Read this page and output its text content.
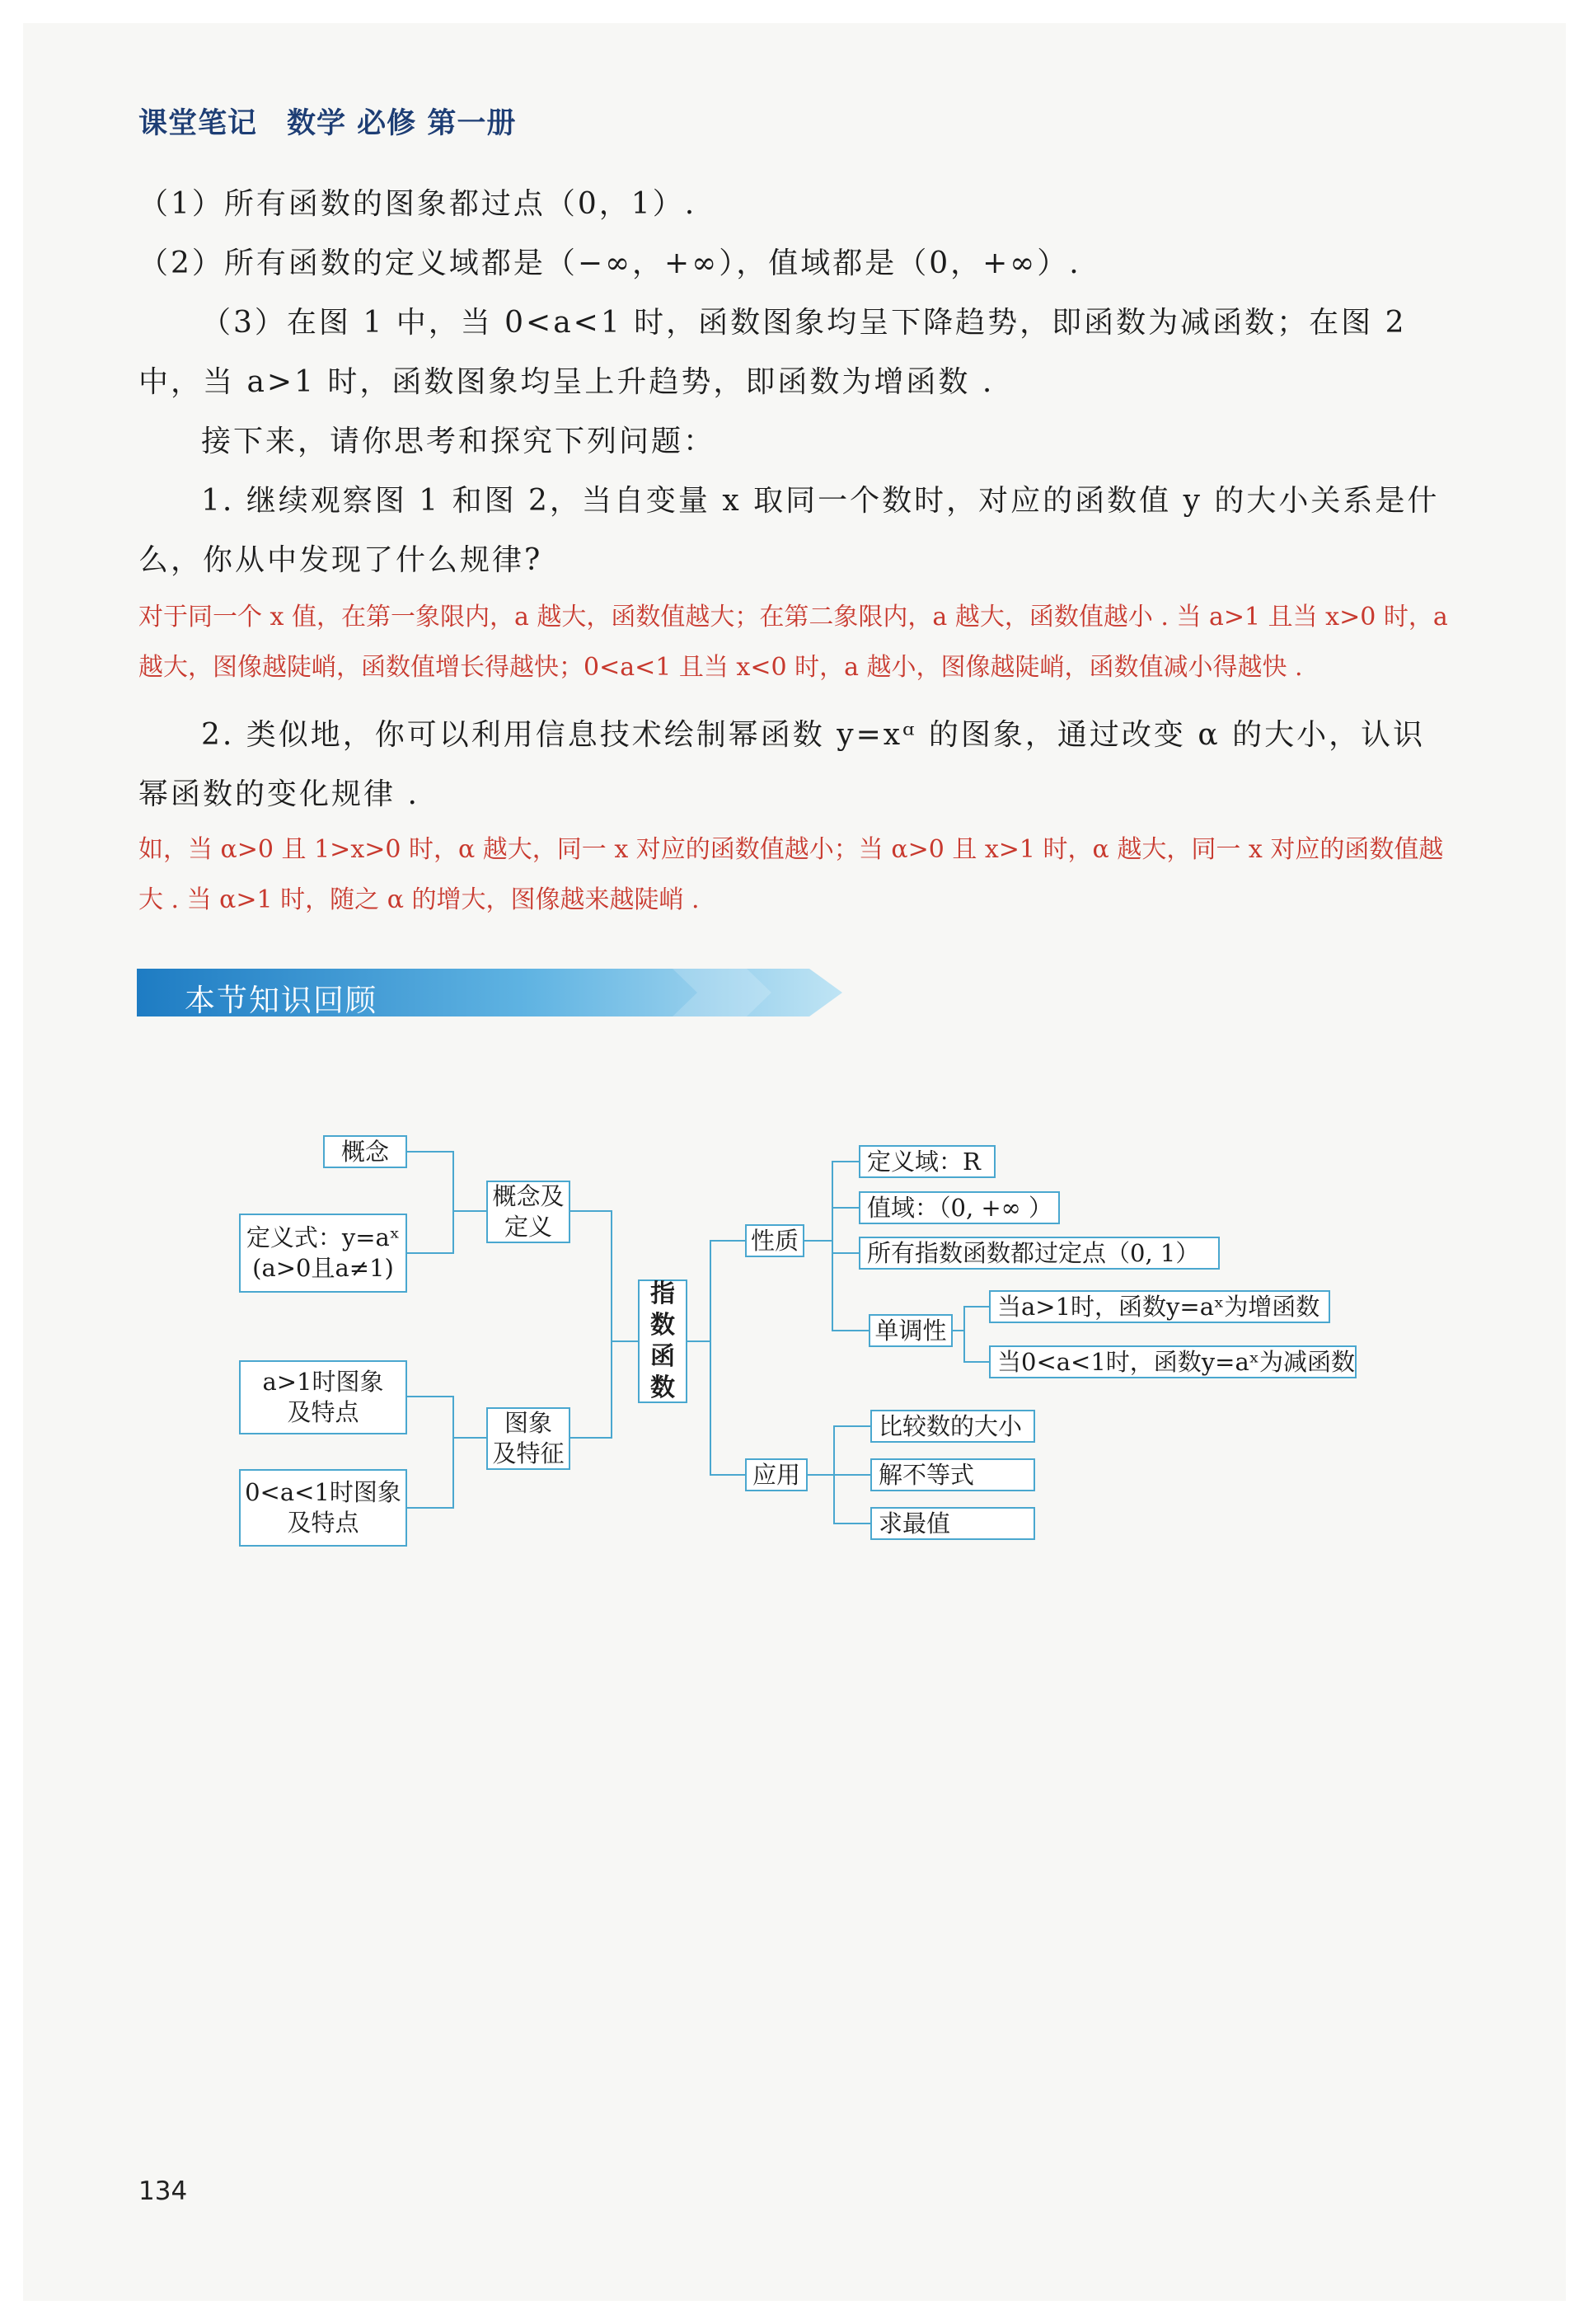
课堂笔记　数学 必修 第一册
（1）所有函数的图象都过点（0，1）.
（2）所有函数的定义域都是（−∞，+∞），值域都是（0，+∞）.
（3）在图 1 中，当 0<a<1 时，函数图象均呈下降趋势，即函数为减函数；在图 2 中，当 a>1 时，函数图象均呈上升趋势，即函数为增函数 .
接下来，请你思考和探究下列问题：
1. 继续观察图 1 和图 2，当自变量 x 取同一个数时，对应的函数值 y 的大小关系是什么，你从中发现了什么规律?
对于同一个 x 值，在第一象限内，a 越大，函数值越大；在第二象限内，a 越大，函数值越小 . 当 a>1 且当 x>0 时，a 越大，图像越陡峭，函数值增长得越快；0<a<1 且当 x<0 时，a 越小，图像越陡峭，函数值减小得越快 .
2. 类似地，你可以利用信息技术绘制幂函数 y=xᵅ 的图象，通过改变 α 的大小，认识幂函数的变化规律 .
如，当 α>0 且 1>x>0 时，α 越大，同一 x 对应的函数值越小；当 α>0 且 x>1 时，α 越大，同一 x 对应的函数值越大 . 当 α>1 时，随之 α 的增大，图像越来越陡峭 .
本节知识回顾
概念
定义式：y=aˣ
(a>0且a≠1)
概念及
定义
a>1时图象
及特点
0<a<1时图象
及特点
图象
及特征
指
数
函
数
性质
定义域：R
值域：（0, +∞ ）
所有指数函数都过定点（0, 1）
单调性
当a>1时，函数y=aˣ为增函数
当0<a<1时，函数y=aˣ为减函数
应用
比较数的大小
解不等式
求最值
134
